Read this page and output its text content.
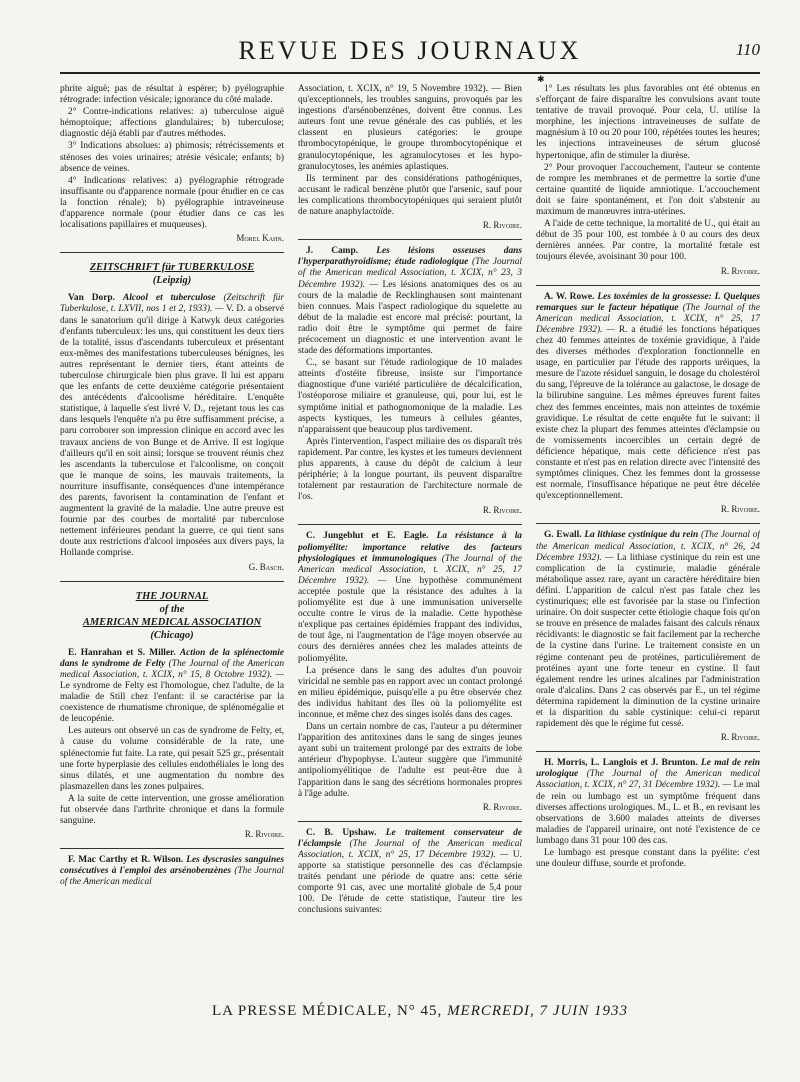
REVUE DES JOURNAUX	110
✱

phrite aiguë; pas de résultat à espérer; b) pyélographie rétrograde: infection vésicale; ignorance du côté malade.

2° Contre-indications relatives: a) tuberculose aiguë hémoptoïque; affections glandulaires; b) tuberculose; diagnostic déjà établi par d'autres méthodes.

3° Indications absolues: a) phimosis; rétrécissements et sténoses des voies urinaires; atrésie vésicale; enfants; b) absence de veines.

4° Indications relatives: a) pyélographie rétrograde insuffisante ou d'apparence normale (pour étudier en ce cas la fonction rénale); b) pyélographie intraveineuse d'apparence normale (pour étudier dans ce cas les localisations papillaires et muqueuses).

Morel Kahn.
ZEITSCHRIFT für TUBERKULOSE
(Leipzig)

Van Dorp. Alcool et tuberculose (Zeitschrift für Tuberkulose, t. LXVII, nos 1 et 2, 1933). — V. D. a observé dans le sanatorium qu'il dirige à Katwyk deux catégories d'enfants tuberculeux: les uns, qui constituent les deux tiers de la totalité, issus d'ascendants tuberculeux et présentant eux-mêmes des manifestations tuberculeuses bénignes, les autres représentant le dernier tiers, étant atteints de tuberculose chirurgicale bien plus grave. Il lui est apparu que les enfants de cette deuxième catégorie présentaient des antécédents d'alcoolisme héréditaire. L'enquête statistique, à laquelle s'est livré V. D., rejetant tous les cas dans lesquels l'enquête n'a pu être suffisamment précise, a paru corroborer son impression clinique en accord avec les travaux anciens de von Bunge et de Arrive. Il est logique d'ailleurs qu'il en soit ainsi; lorsque se trouvent réunis chez les ascendants la tuberculose et l'alcoolisme, on conçoit que le manque de soins, les mauvais traitements, la nourriture insuffisante, conséquences d'une intempérance des parents, favorisent la contamination de l'enfant et augmentent la gravité de la maladie. Une autre preuve est fournie par des courbes de mortalité par tuberculose nettement inférieures pendant la guerre, ce qui tient sans doute aux restrictions d'alcool imposées aux divers pays, la Hollande comprise.

G. Basch.
THE JOURNAL
of the
AMERICAN MEDICAL ASSOCIATION
(Chicago)

E. Hanrahan et S. Miller. Action de la splénectomie dans le syndrome de Felty (The Journal of the American medical Association, t. XCIX, n° 15, 8 Octobre 1932). — Le syndrome de Felty est l'homologue, chez l'adulte, de la maladie de Still chez l'enfant: il se caractérise par la coexistence de rhumatisme chronique, de splénomégalie et de leucopénie.

Les auteurs ont observé un cas de syndrome de Felty, et, à cause du volume considérable de la rate, une splénectomie fut faite. La rate, qui pesait 525 gr., présentait une forte hyperplasie des cellules endothéliales le long des sinus dilatés, et une augmentation du nombre des plasmazellen dans les zones pulpaires.

A la suite de cette intervention, une grosse amélioration fut observée dans l'arthrite chronique et dans la formule sanguine.

R. Rivoire.

F. Mac Carthy et R. Wilson. Les dyscrasies sanguines consécutives à l'emploi des arsénobenzènes (The Journal of the American medical

Association, t. XCIX, n° 19, 5 Novembre 1932). — Bien qu'exceptionnels, les troubles sanguins, provoqués par les ingestions d'arsénobenzènes, doivent être connus. Les auteurs font une revue générale des cas publiés, et les classent en plusieurs catégories: le groupe thrombocytopénique, le groupe thrombocytopénique et granulocytopénique, les agranulocytoses et les hypo-granulocytoses, les anémies aplastiques.

Ils terminent par des considérations pathogéniques, accusant le radical benzène plutôt que l'arsenic, sauf pour les complications thrombocytopéniques qui seraient plutôt de nature anaphylactoïde.

R. Rivoire.

J. Camp. Les lésions osseuses dans l'hyperparathyroïdisme; étude radiologique (The Journal of the American medical Association, t. XCIX, n° 23, 3 Décembre 1932). — Les lésions anatomiques des os au cours de la maladie de Recklinghausen sont maintenant bien connues. Mais l'aspect radiologique du squelette au début de la maladie est encore mal précisé: pourtant, la radio doit être le symptôme qui permet de faire précocement un diagnostic et une intervention avant le stade des déformations importantes.

C., se basant sur l'étude radiologique de 10 malades atteints d'ostéite fibreuse, insiste sur l'importance diagnostique d'une variété particulière de décalcification, l'ostéoporose miliaire et granuleuse, qui, pour lui, est le symptôme initial et pathognomonique de la maladie. Les aspects kystiques, les tumeurs à cellules géantes, n'apparaissent que beaucoup plus tardivement.

Après l'intervention, l'aspect miliaire des os disparaît très rapidement. Par contre, les kystes et les tumeurs deviennent plus apparents, à cause du dépôt de calcium à leur périphérie; à la longue pourtant, ils peuvent disparaître totalement par restauration de l'architecture normale de l'os.

R. Rivoire.

C. Jungeblut et E. Eagle. La résistance à la poliomyélite: importance relative des facteurs physiologiques et immunologiques (The Journal of the American medical Association, t. XCIX, n° 25, 17 Décembre 1932). — Une hypothèse communément acceptée postule que la résistance des adultes à la poliomyélite est due à une immunisation universelle occulte contre le virus de la maladie. Cette hypothèse n'explique pas certaines épidémies frappant des individus, de tout âge, ni l'augmentation de l'âge moyen observée au cours des dernières années chez les malades atteints de poliomyélite.

La présence dans le sang des adultes d'un pouvoir viricidal ne semble pas en rapport avec un contact prolongé en milieu épidémique, puisqu'elle a pu être observée chez des individus habitant des îles où la poliomyélite est inconnue, et même chez des singes isolés dans des cages.

Dans un certain nombre de cas, l'auteur a pu déterminer l'apparition des antitoxines dans le sang de singes jeunes ayant subi un traitement prolongé par des extraits de lobe antérieur d'hypophyse. L'auteur suggère que l'immunité antipoliomyélitique de l'adulte est peut-être due à l'apparition dans le sang des sécrétions hormonales propres à l'âge adulte.

R. Rivoire.

C. B. Upshaw. Le traitement conservateur de l'éclampsie (The Journal of the American medical Association, t. XCIX, n° 25, 17 Décembre 1932). — U. apporte sa statistique personnelle des cas d'éclampsie traités pendant une période de quatre ans: cette série comporte 91 cas, avec une mortalité globale de 5,4 pour 100. De l'étude de cette statistique, l'auteur tire les conclusions suivantes:

1° Les résultats les plus favorables ont été obtenus en s'efforçant de faire disparaître les convulsions avant toute tentative de travail provoqué. Pour cela, U. utilise la morphine, les injections intraveineuses de sulfate de magnésium à 10 ou 20 pour 100, répétées toutes les heures; les injections intraveineuses de sérum glucosé hypertonique, afin de stimuler la diurèse.

2° Pour provoquer l'accouchement, l'auteur se contente de rompre les membranes et de permettre la sortie d'une certaine quantité de liquide amniotique. L'accouchement doit se faire spontanément, et l'on doit s'abstenir au maximum de manœuvres intra-utérines.

A l'aide de cette technique, la mortalité de U., qui était au début de 35 pour 100, est tombée à 0 au cours des deux dernières années. Par contre, la mortalité fœtale est toujours élevée, avoisinant 30 pour 100.

R. Rivoire.

A. W. Rowe. Les toxémies de la grossesse: I. Quelques remarques sur le facteur hépatique (The Journal of the American medical Association, t. XCIX, n° 25, 17 Décembre 1932). — R. a étudié les fonctions hépatiques chez 40 femmes atteintes de toxémie gravidique, à l'aide des diverses méthodes d'exploration fonctionnelle en usage, en particulier par l'étude des rapports uréiques, la mesure de l'azote résiduel sanguin, le dosage du cholestérol du sang, l'épreuve de la tolérance au galactose, le dosage de la bilirubine sanguine. Les mêmes épreuves furent faites chez des femmes enceintes, mais non atteintes de toxémie gravidique. Le résultat de cette enquête fut le suivant: il existe chez la plupart des femmes atteintes d'éclampsie ou de vomissements incoercibles un certain degré de déficience hépatique, mais cette déficience n'est pas constante et n'est pas en relation directe avec l'intensité des symptômes cliniques. Chez les femmes dont la grossesse est normale, l'insuffisance hépatique ne peut être décelée qu'exceptionnellement.

R. Rivoire.

G. Ewall. La lithiase cystinique du rein (The Journal of the American medical Association, t. XCIX, n° 26, 24 Décembre 1932). — La lithiase cystinique du rein est une complication de la cystinurie, maladie générale métabolique assez rare, ayant un caractère héréditaire bien défini. L'apparition de calcul n'est pas fatale chez les cystinuriques; elle est favorisée par la stase ou l'infection urinaire. On doit suspecter cette étiologie chaque fois qu'on se trouve en présence de malades faisant des calculs rénaux récidivants: le diagnostic se fait facilement par la recherche de la cystine dans l'urine. Le traitement consiste en un régime contenant peu de protéines, particulièrement de protéines ayant une forte teneur en cystine. Il faut également rendre les urines alcalines par l'administration orale d'alcalins. Dans 2 cas observés par E., un tel régime détermina rapidement la diminution de la cystine urinaire et la disparition du sable cystinique: celui-ci reparut rapidement dès que le régime fut cessé.

R. Rivoire.

H. Morris, L. Langlois et J. Brunton. Le mal de rein urologique (The Journal of the American medical Association, t. XCIX, n° 27, 31 Décembre 1932). — Le mal de rein ou lumbago est un symptôme fréquent dans diverses affections urologiques. M., L. et B., en revisant les observations de 3.600 malades atteints de diverses maladies de l'appareil urinaire, ont noté l'existence de ce lumbago dans 31 pour 100 des cas.

Le lumbago est presque constant dans la pyélite: c'est une douleur diffuse, sourde et profonde.

LA PRESSE MÉDICALE, N° 45, MERCREDI, 7 JUIN 1933
